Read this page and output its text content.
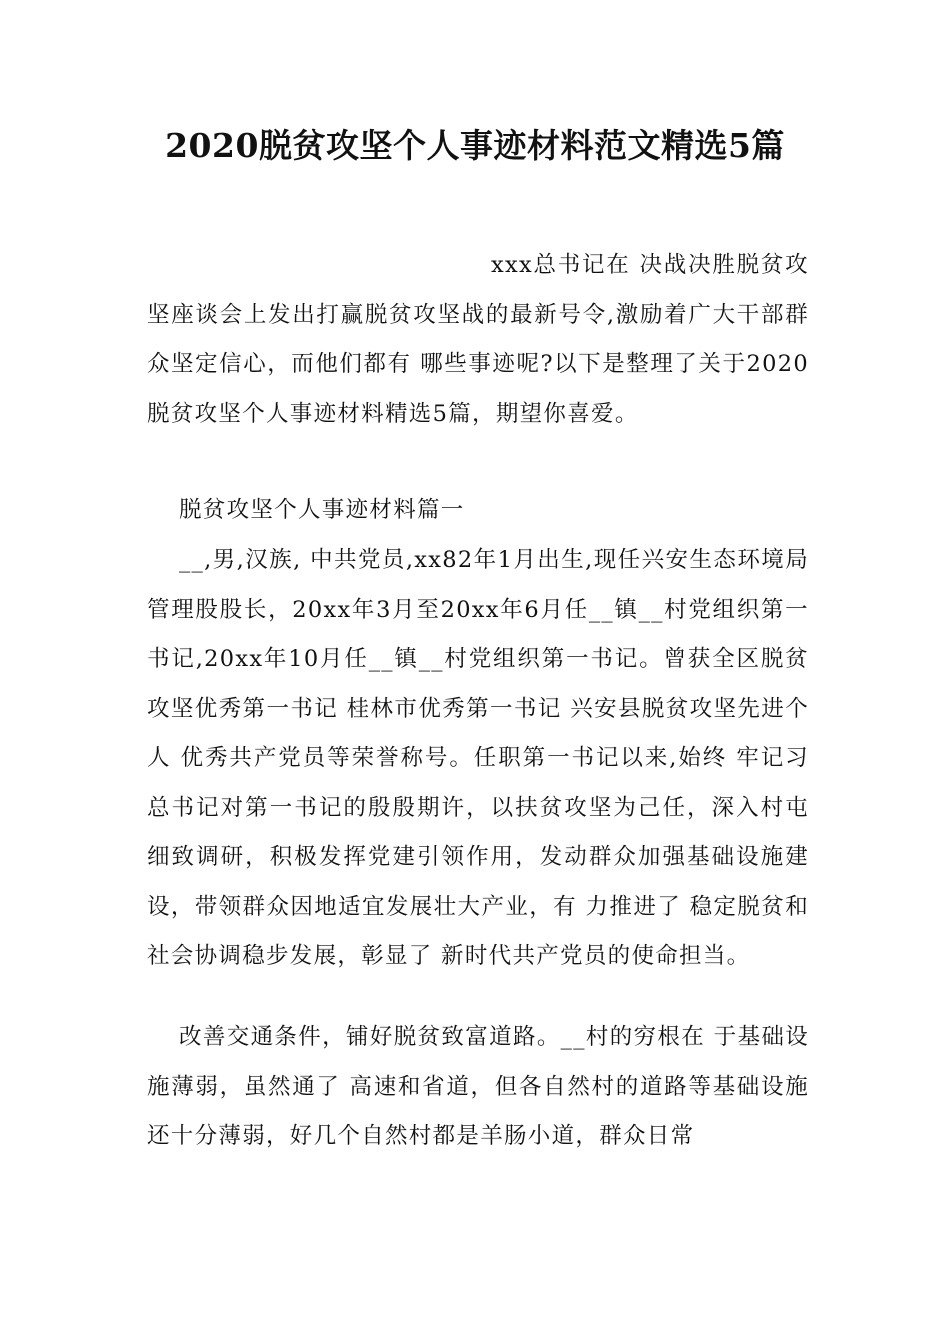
2020脱贫攻坚个人事迹材料范文精选5篇

xxx总书记在 决战决胜脱贫攻坚座谈会上发出打赢脱贫攻坚战的最新号令,激励着广大干部群众坚定信心，而他们都有 哪些事迹呢?以下是整理了关于2020脱贫攻坚个人事迹材料精选5篇，期望你喜爱。

脱贫攻坚个人事迹材料篇一

__,男,汉族, 中共党员,xx82年1月出生,现任兴安生态环境局管理股股长，20xx年3月至20xx年6月任__镇__村党组织第一书记,20xx年10月任__镇__村党组织第一书记。曾获全区脱贫攻坚优秀第一书记 桂林市优秀第一书记 兴安县脱贫攻坚先进个人 优秀共产党员等荣誉称号。任职第一书记以来,始终 牢记习总书记对第一书记的殷殷期许，以扶贫攻坚为己任，深入村屯细致调研，积极发挥党建引领作用，发动群众加强基础设施建设，带领群众因地适宜发展壮大产业，有 力推进了 稳定脱贫和社会协调稳步发展，彰显了 新时代共产党员的使命担当。

改善交通条件，铺好脱贫致富道路。__村的穷根在 于基础设施薄弱，虽然通了 高速和省道，但各自然村的道路等基础设施还十分薄弱，好几个自然村都是羊肠小道，群众日常
